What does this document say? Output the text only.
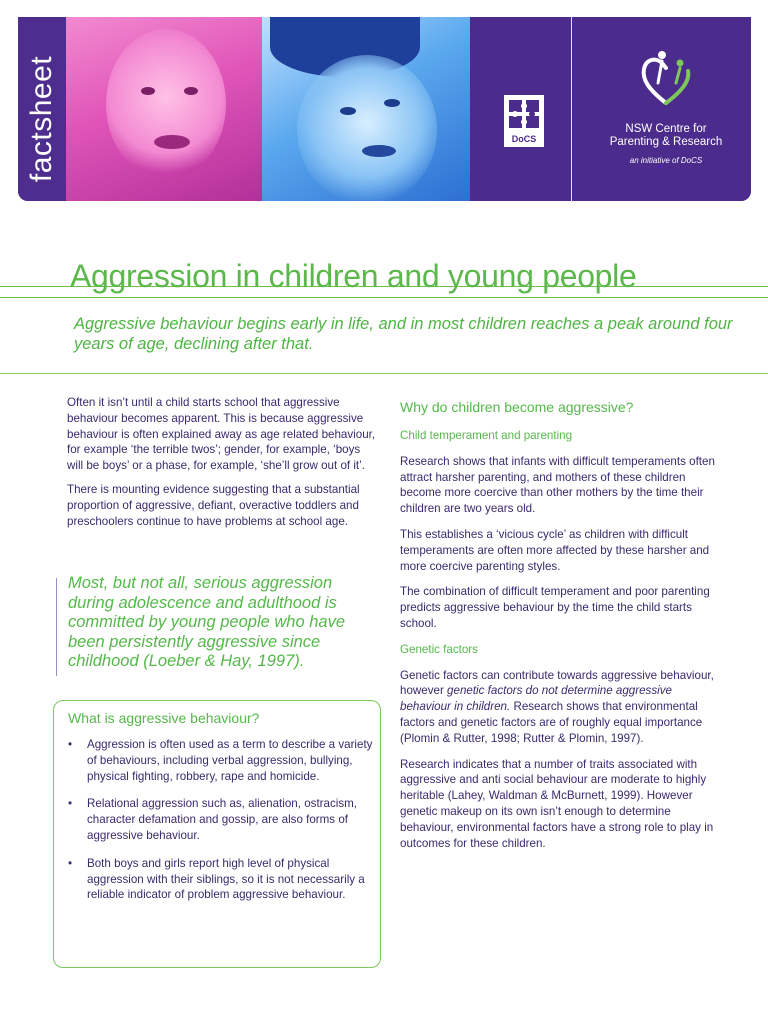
factsheet	DoCS
NSW Centre for
Parenting & Research
an initiative of DoCS
Aggression in children and young people
Aggressive behaviour begins early in life, and in most children reaches a peak around four years of age, declining after that.

Often it isn’t until a child starts school that aggressive behaviour becomes apparent. This is because aggressive behaviour is often explained away as age related behaviour, for example ‘the terrible twos’; gender, for example, ‘boys will be boys’ or a phase, for example, ‘she’ll grow out of it’.

There is mounting evidence suggesting that a substantial proportion of aggressive, defiant, overactive toddlers and preschoolers continue to have problems at school age.

Most, but not all, serious aggression during adolescence and adulthood is committed by young people who have been persistently aggressive since childhood (Loeber & Hay, 1997).
What is aggressive behaviour?
• Aggression is often used as a term to describe a variety of behaviours, including verbal aggression, bullying, physical fighting, robbery, rape and homicide.
• Relational aggression such as, alienation, ostracism, character defamation and gossip, are also forms of aggressive behaviour.
• Both boys and girls report high level of physical aggression with their siblings, so it is not necessarily a reliable indicator of problem aggressive behaviour.
Why do children become aggressive?
Child temperament and parenting

Research shows that infants with difficult temperaments often attract harsher parenting, and mothers of these children become more coercive than other mothers by the time their children are two years old.

This establishes a ‘vicious cycle’ as children with difficult temperaments are often more affected by these harsher and more coercive parenting styles.

The combination of difficult temperament and poor parenting predicts aggressive behaviour by the time the child starts school.

Genetic factors

Genetic factors can contribute towards aggressive behaviour, however genetic factors do not determine aggressive behaviour in children. Research shows that environmental factors and genetic factors are of roughly equal importance (Plomin & Rutter, 1998; Rutter & Plomin, 1997).

Research indicates that a number of traits associated with aggressive and anti social behaviour are moderate to highly heritable (Lahey, Waldman & McBurnett, 1999). However genetic makeup on its own isn’t enough to determine behaviour, environmental factors have a strong role to play in outcomes for these children.
